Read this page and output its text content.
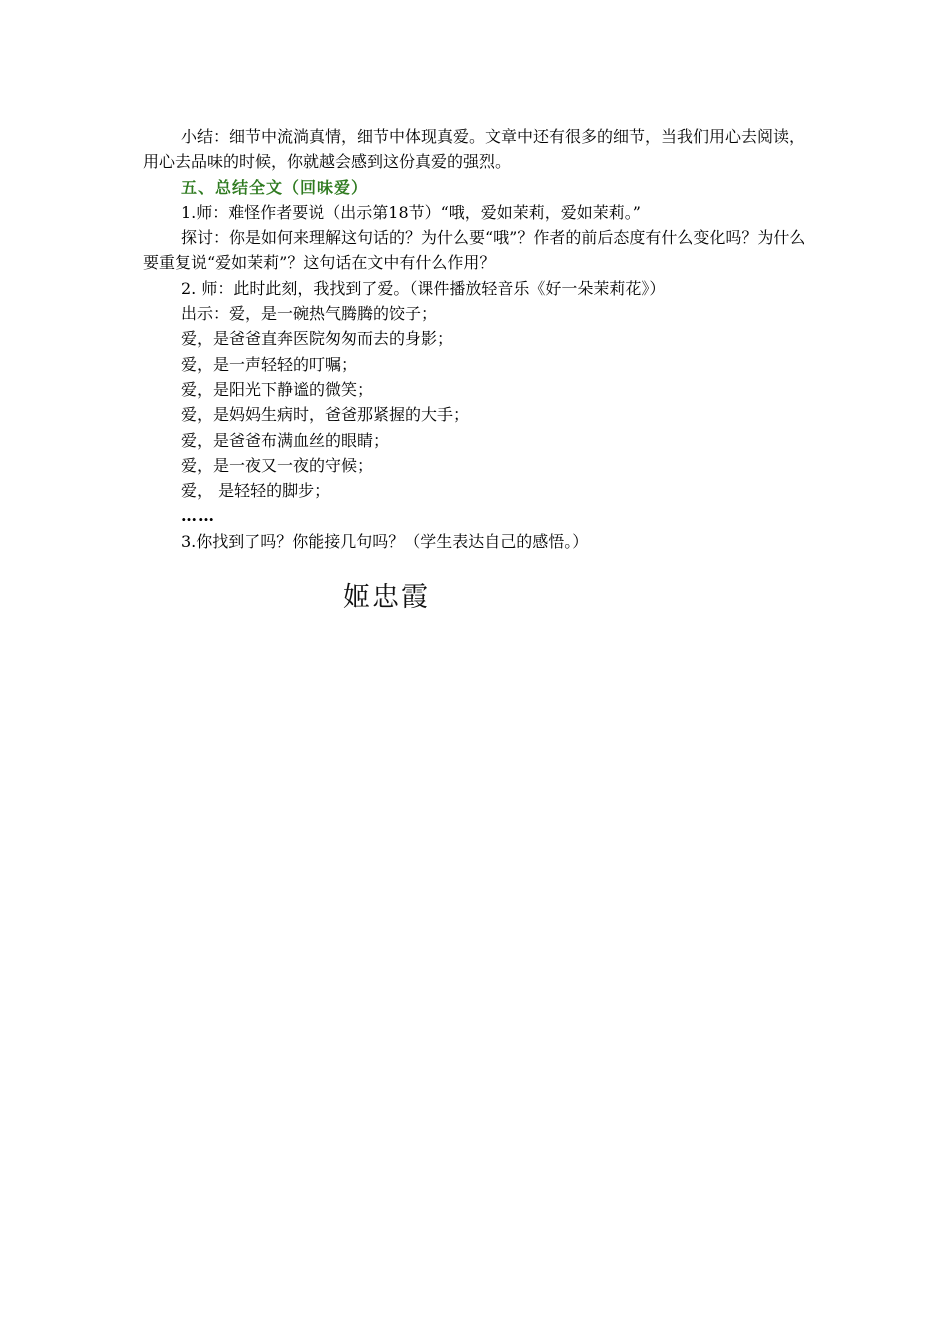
小结：细节中流淌真情，细节中体现真爱。文章中还有很多的细节，当我们用心去阅读，用心去品味的时候，你就越会感到这份真爱的强烈。

五、总结全文（回味爱）

1.师：难怪作者要说（出示第18节）“哦，爱如茉莉，爱如茉莉。”

探讨：你是如何来理解这句话的？为什么要“哦”？作者的前后态度有什么变化吗？为什么要重复说“爱如茉莉”？这句话在文中有什么作用？

2. 师：此时此刻，我找到了爱。（课件播放轻音乐《好一朵茉莉花》）

出示：爱，是一碗热气腾腾的饺子；

爱，是爸爸直奔医院匆匆而去的身影；

爱，是一声轻轻的叮嘱；

爱，是阳光下静谧的微笑；

爱，是妈妈生病时，爸爸那紧握的大手；

爱，是爸爸布满血丝的眼睛；

爱，是一夜又一夜的守候；

爱， 是轻轻的脚步；

……

3.你找到了吗？你能接几句吗？（学生表达自己的感悟。）

姬忠霞
